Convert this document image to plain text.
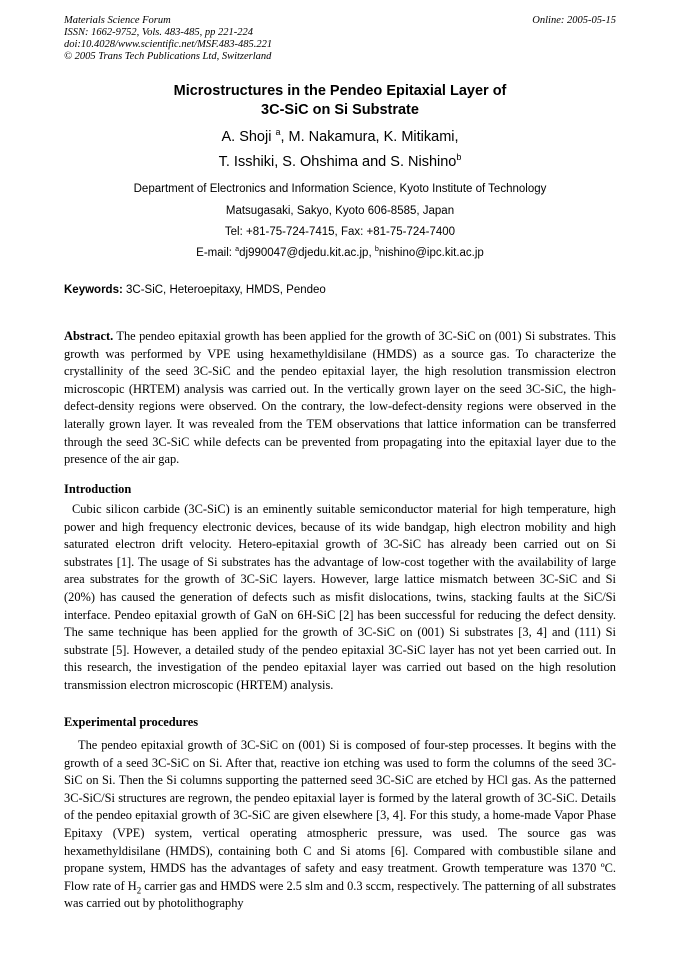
Materials Science Forum
ISSN: 1662-9752, Vols. 483-485, pp 221-224
doi:10.4028/www.scientific.net/MSF.483-485.221
© 2005 Trans Tech Publications Ltd, Switzerland
Online: 2005-05-15
Microstructures in the Pendeo Epitaxial Layer of
3C-SiC on Si Substrate
A. Shoji $^a$, M. Nakamura, K. Mitikami,
T. Isshiki, S. Ohshima and S. Nishino$^b$
Department of Electronics and Information Science, Kyoto Institute of Technology
Matsugasaki, Sakyo, Kyoto 606-8585, Japan
Tel: +81-75-724-7415, Fax: +81-75-724-7400
E-mail: $^a$dj990047@djedu.kit.ac.jp, $^b$nishino@ipc.kit.ac.jp
Keywords: 3C-SiC, Heteroepitaxy, HMDS, Pendeo

Abstract. The pendeo epitaxial growth has been applied for the growth of 3C-SiC on (001) Si substrates. This growth was performed by VPE using hexamethyldisilane (HMDS) as a source gas. To characterize the crystallinity of the seed 3C-SiC and the pendeo epitaxial layer, the high resolution transmission electron microscopic (HRTEM) analysis was carried out. In the vertically grown layer on the seed 3C-SiC, the high-defect-density regions were observed. On the contrary, the low-defect-density regions were observed in the laterally grown layer. It was revealed from the TEM observations that lattice information can be transferred through the seed 3C-SiC while defects can be prevented from propagating into the epitaxial layer due to the presence of the air gap.

Introduction

Cubic silicon carbide (3C-SiC) is an eminently suitable semiconductor material for high temperature, high power and high frequency electronic devices, because of its wide bandgap, high electron mobility and high saturated electron drift velocity. Hetero-epitaxial growth of 3C-SiC has already been carried out on Si substrates [1]. The usage of Si substrates has the advantage of low-cost together with the availability of large area substrates for the growth of 3C-SiC layers. However, large lattice mismatch between 3C-SiC and Si (20%) has caused the generation of defects such as misfit dislocations, twins, stacking faults at the SiC/Si interface. Pendeo epitaxial growth of GaN on 6H-SiC [2] has been successful for reducing the defect density. The same technique has been applied for the growth of 3C-SiC on (001) Si substrates [3, 4] and (111) Si substrate [5]. However, a detailed study of the pendeo epitaxial 3C-SiC layer has not yet been carried out. In this research, the investigation of the pendeo epitaxial layer was carried out based on the high resolution transmission electron microscopic (HRTEM) analysis.

Experimental procedures

The pendeo epitaxial growth of 3C-SiC on (001) Si is composed of four-step processes. It begins with the growth of a seed 3C-SiC on Si. After that, reactive ion etching was used to form the columns of the seed 3C-SiC on Si. Then the Si columns supporting the patterned seed 3C-SiC are etched by HCl gas. As the patterned 3C-SiC/Si structures are regrown, the pendeo epitaxial layer is formed by the lateral growth of 3C-SiC. Details of the pendeo epitaxial growth of 3C-SiC are given elsewhere [3, 4]. For this study, a home-made Vapor Phase Epitaxy (VPE) system, vertical operating atmospheric pressure, was used. The source gas was hexamethyldisilane (HMDS), containing both C and Si atoms [6]. Compared with combustible silane and propane system, HMDS has the advantages of safety and easy treatment. Growth temperature was 1370 ºC. Flow rate of $H_2$ carrier gas and HMDS were 2.5 slm and 0.3 sccm, respectively. The patterning of all substrates was carried out by photolithography
